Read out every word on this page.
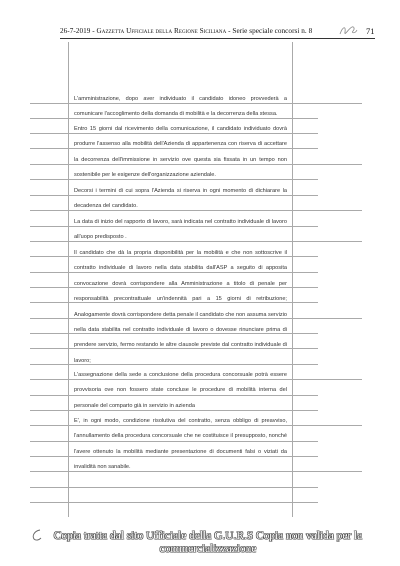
26-7-2019 - Gazzetta Ufficiale della Regione Siciliana - Serie speciale concorsi n. 8	71
L'amministrazione, dopo aver individuato il candidato idoneo provvederà a comunicare l'accoglimento della domanda di mobilità e la decorrenza della stessa.
Entro 15 giorni dal ricevimento della comunicazione, il candidato individuato dovrà produrre l'assenso alla mobilità dell'Azienda di appartenenza con riserva di accettare la decorrenza dell'immissione in servizio ove questa sia fissata in un tempo non sostenibile per le esigenze dell'organizzazione aziendale.
Decorsi i termini di cui sopra l'Azienda si riserva in ogni momento di dichiarare la decadenza del candidato.
La data di inizio del rapporto di lavoro, sarà indicata nel contratto individuale di lavoro all'uopo predisposto .
Il candidato che dà la propria disponibilità per la mobilità e che non sottoscrive il contratto individuale di lavoro nella data stabilita dall'ASP a seguito di apposita convocazione dovrà corrispondere alla Amministrazione a titolo di penale per responsabilità precontrattuale un'indennità pari a 15 giorni di retribuzione; Analogamente dovrà corrispondere detta penale il candidato che non assuma servizio nella data stabilita nel contratto individuale di lavoro o dovesse rinunciare prima di prendere servizio, fermo restando le altre clausole previste dal contratto individuale di lavoro;
L'assegnazione della sede a conclusione della procedura concorsuale potrà essere provvisoria ove non fossero state concluse le procedure di mobilità interna del personale del comparto già in servizio in azienda
E', in ogni modo, condizione risolutiva del contratto, senza obbligo di preavviso, l'annullamento della procedura concorsuale che ne costituisce il presupposto, nonché l'avere ottenuto la mobilità mediante presentazione di documenti falsi o viziati da invalidità non sanabile.
Copia tratta dal sito Ufficiale della G.U.R.S Copia non valida per la
commercializzazione
